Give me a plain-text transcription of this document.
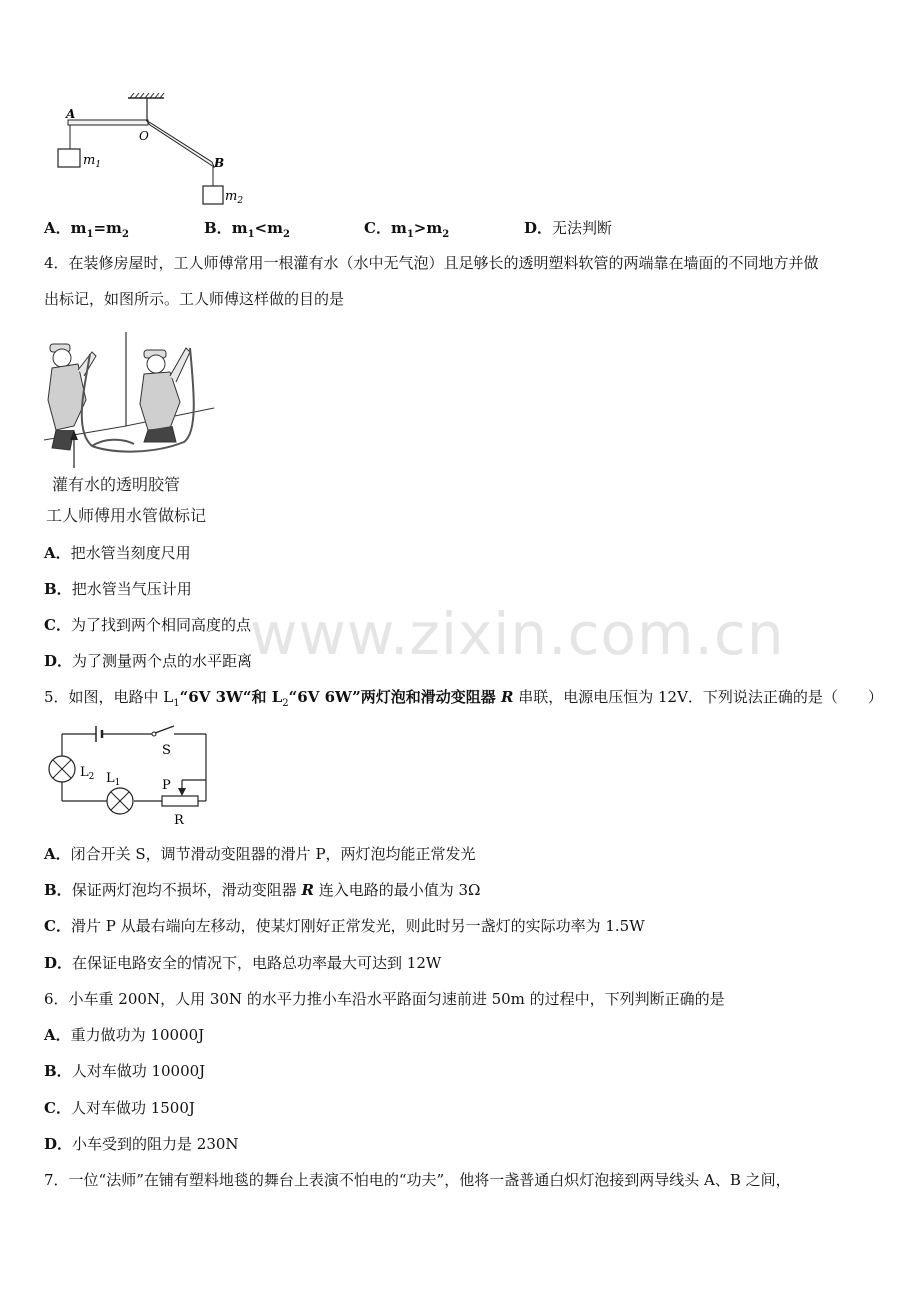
A
O
B
$m_1$
$m_2$
A．$m_1=m_2$	B．$m_1<m_2$	C．$m_1>m_2$	D．无法判断
4．在装修房屋时，工人师傅常用一根灌有水（水中无气泡）且足够长的透明塑料软管的两端靠在墙面的不同地方并做
出标记，如图所示。工人师傅这样做的目的是
灌有水的透明胶管
工人师傅用水管做标记
A．把水管当刻度尺用
B．把水管当气压计用
C．为了找到两个相同高度的点
D．为了测量两个点的水平距离
www.zixin.com.cn
5．如图，电路中 $L_1“6V$ 3W“和 $L_2“6V$ 6W”两灯泡和滑动变阻器 R 串联，电源电压恒为 12V．下列说法正确的是（　　）
S
P
R
$L_1$
$L_2$
A．闭合开关 S，调节滑动变阻器的滑片 P，两灯泡均能正常发光
B．保证两灯泡均不损坏，滑动变阻器 R 连入电路的最小值为 3Ω
C．滑片 P 从最右端向左移动，使某灯刚好正常发光，则此时另一盏灯的实际功率为 1.5W
D．在保证电路安全的情况下，电路总功率最大可达到 12W
6．小车重 200N，人用 30N 的水平力推小车沿水平路面匀速前进 50m 的过程中，下列判断正确的是
A．重力做功为 10000J
B．人对车做功 10000J
C．人对车做功 1500J
D．小车受到的阻力是 230N
7．一位“法师”在铺有塑料地毯的舞台上表演不怕电的“功夫”，他将一盏普通白炽灯泡接到两导线头 A、B 之间，
